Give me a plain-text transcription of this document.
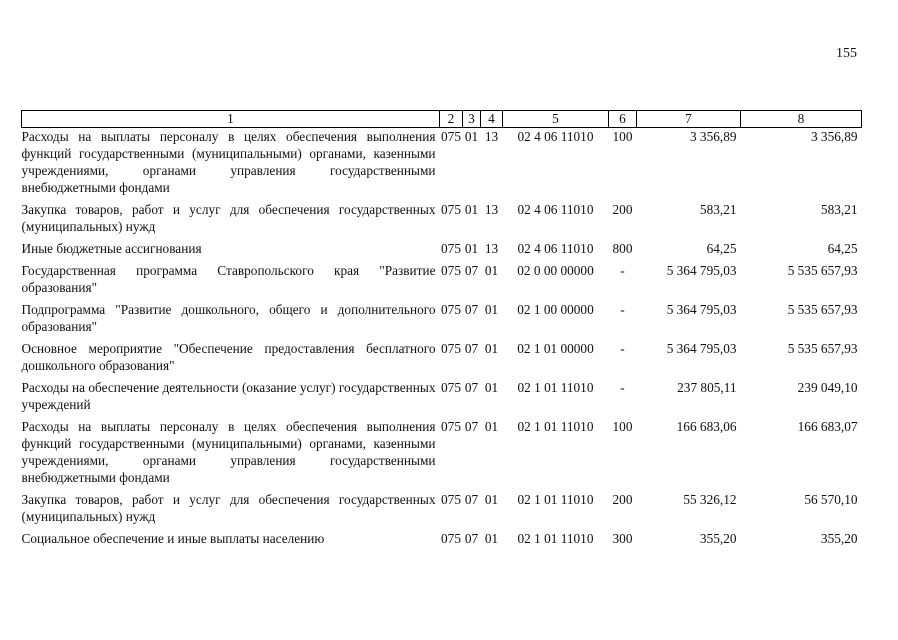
155
1	2	3	4	5	6	7	8
Расходы на выплаты персоналу в целях обеспечения выполнения функций государственными (муниципальными) органами, казенными учреждениями, органами управления государственными внебюджетными фондами	075	01	13	02 4 06 11010	100	3 356,89	3 356,89
Закупка товаров, работ и услуг для обеспечения государственных (муниципальных) нужд	075	01	13	02 4 06 11010	200	583,21	583,21
Иные бюджетные ассигнования	075	01	13	02 4 06 11010	800	64,25	64,25
Государственная программа Ставропольского края "Развитие образования"	075	07	01	02 0 00 00000	-	5 364 795,03	5 535 657,93
Подпрограмма "Развитие дошкольного, общего и дополнительного образования"	075	07	01	02 1 00 00000	-	5 364 795,03	5 535 657,93
Основное мероприятие "Обеспечение предоставления бесплатного дошкольного образования"	075	07	01	02 1 01 00000	-	5 364 795,03	5 535 657,93
Расходы на обеспечение деятельности (оказание услуг) государственных учреждений	075	07	01	02 1 01 11010	-	237 805,11	239 049,10
Расходы на выплаты персоналу в целях обеспечения выполнения функций государственными (муниципальными) органами, казенными учреждениями, органами управления государственными внебюджетными фондами	075	07	01	02 1 01 11010	100	166 683,06	166 683,07
Закупка товаров, работ и услуг для обеспечения государственных (муниципальных) нужд	075	07	01	02 1 01 11010	200	55 326,12	56 570,10
Социальное обеспечение и иные выплаты населению	075	07	01	02 1 01 11010	300	355,20	355,20
